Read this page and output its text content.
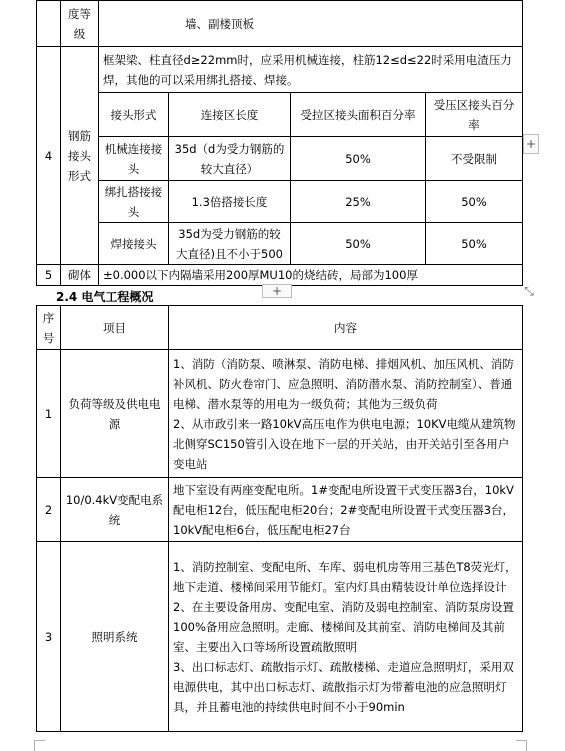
	度等级	墙、副楼顶板			
4	钢筋接头形式	框架梁、柱直径d≥22mm时，应采用机械连接，柱筋12≤d≤22时采用电渣压力焊，其他的可以采用绑扎搭接、焊接。			
		接头形式	连接区长度	受拉区接头面积百分率	受压区接头百分率
		机械连接接头	35d（d为受力钢筋的较大直径）	50%	不受限制
		绑扎搭接接头	1.3倍搭接长度	25%	50%
		焊接接头	35d为受力钢筋的较大直径)且不小于500	50%	50%
5	砌体	±0.000以下内隔墙采用200厚MU10的烧结砖，局部为100厚			
+
+	⤡
2.4 电气工程概况
序号	项目	内容
1	负荷等级及供电电源	1、消防（消防泵、喷淋泵、消防电梯、排烟风机、加压风机、消防补风机、防火卷帘门、应急照明、消防潜水泵、消防控制室）、普通电梯、潜水泵等的用电为一级负荷；其他为三级负荷
2、从市政引来一路10kV高压电作为供电电源；10KV电缆从建筑物北侧穿SC150管引入设在地下一层的开关站，由开关站引至各用户变电站
2	10/0.4kV变配电系统	地下室设有两座变配电所。1#变配电所设置干式变压器3台，10kV配电柜12台，低压配电柜20台；2#变配电所设置干式变压器3台，10kV配电柜6台，低压配电柜27台
3	照明系统	1、消防控制室、变配电所、车库、弱电机房等用三基色T8荧光灯，地下走道、楼梯间采用节能灯。室内灯具由精装设计单位选择设计
2、在主要设备用房、变配电室、消防及弱电控制室、消防泵房设置100%备用应急照明。走廊、楼梯间及其前室、消防电梯间及其前室、主要出入口等场所设置疏散照明
3、出口标志灯、疏散指示灯、疏散楼梯、走道应急照明灯，采用双电源供电，其中出口标志灯、疏散指示灯为带蓄电池的应急照明灯具，并且蓄电池的持续供电时间不小于90min
